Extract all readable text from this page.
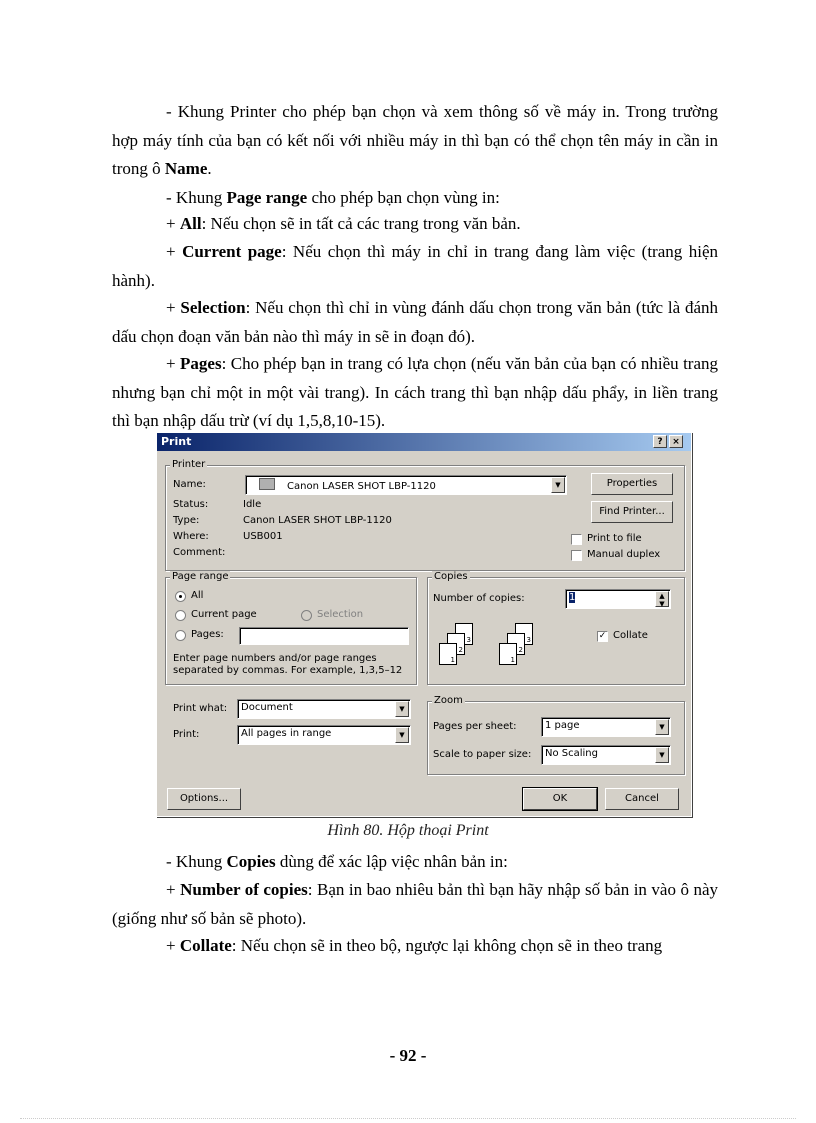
- Khung Printer cho phép bạn chọn và xem thông số về máy in. Trong trường hợp máy tính của bạn có kết nối với nhiều máy in thì bạn có thể chọn tên máy in cần in trong ô Name.
- Khung Page range cho phép bạn chọn vùng in:
+ All: Nếu chọn sẽ in tất cả các trang trong văn bản.
+ Current page: Nếu chọn thì máy in chỉ in trang đang làm việc (trang hiện hành).
+ Selection: Nếu chọn thì chỉ in vùng đánh dấu chọn trong văn bản (tức là đánh dấu chọn đoạn văn bản nào thì máy in sẽ in đoạn đó).
+ Pages: Cho phép bạn in trang có lựa chọn (nếu văn bản của bạn có nhiều trang nhưng bạn chỉ một in một vài trang). In cách trang thì bạn nhập dấu phẩy, in liền trang thì bạn nhập dấu trừ (ví dụ 1,5,8,10-15).
Print	?	×
Printer
Name:	Canon LASER SHOT LBP-1120	▼	Properties
Find Printer...
Status:	Idle
Type:	Canon LASER SHOT LBP-1120
Where:	USB001
Comment:
Print to file
Manual duplex
Page range
All
Current page	Selection
Pages:
Enter page numbers and/or page ranges separated by commas. For example, 1,3,5–12
Copies
Number of copies:	1	▲
▼
3
2
1
3
2
1
✓ Collate
Print what:	Document	▼
Print:	All pages in range	▼
Zoom
Pages per sheet:	1 page	▼
Scale to paper size:	No Scaling	▼
Options...	OK	Cancel
Hình 80. Hộp thoại Print
- Khung Copies dùng để xác lập việc nhân bản in:
+ Number of copies: Bạn in bao nhiêu bản thì bạn hãy nhập số bản in vào ô này (giống như số bản sẽ photo).
+ Collate: Nếu chọn sẽ in theo bộ, ngược lại không chọn sẽ in theo trang
- 92 -
